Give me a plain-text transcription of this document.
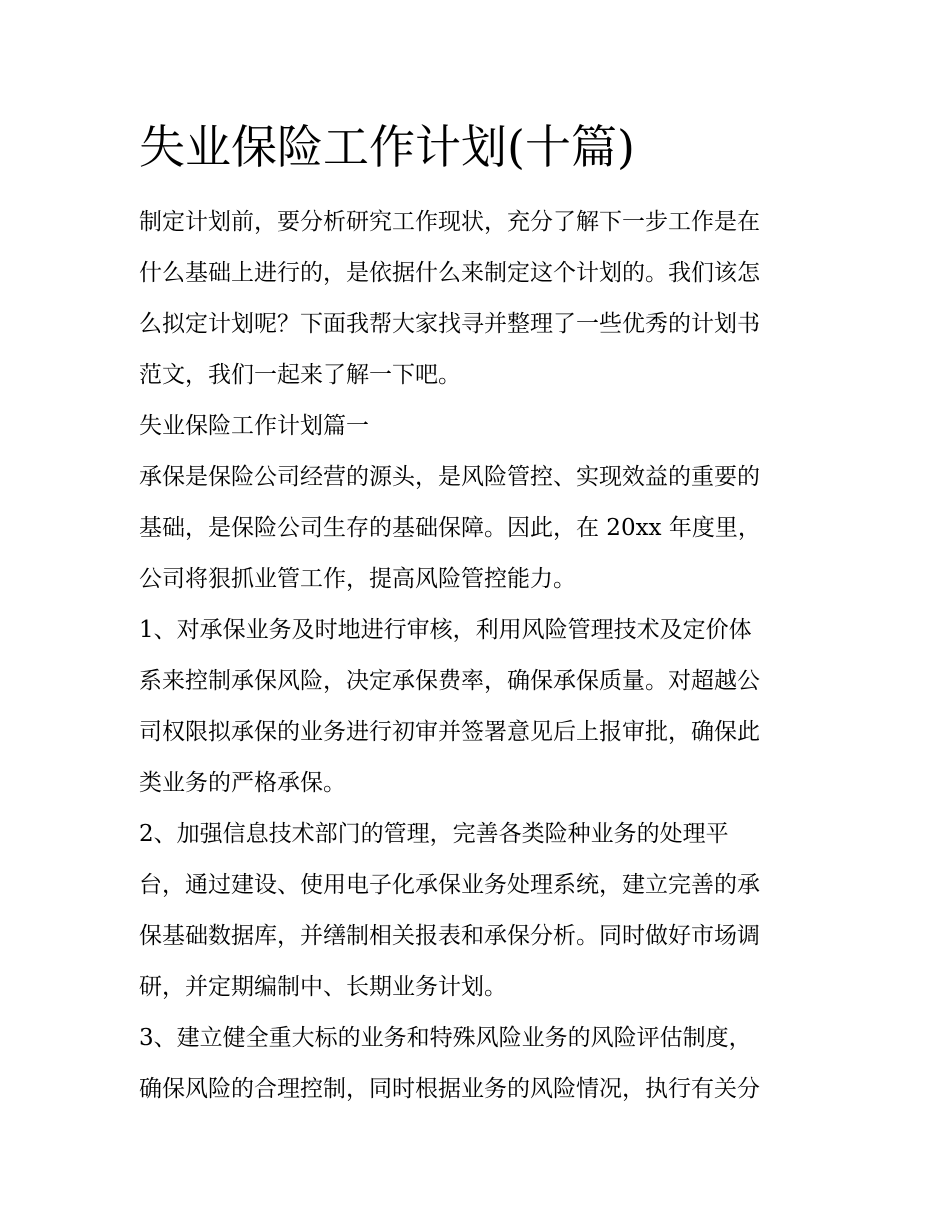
失业保险工作计划(十篇)

制定计划前，要分析研究工作现状，充分了解下一步工作是在

什么基础上进行的，是依据什么来制定这个计划的。我们该怎

么拟定计划呢？下面我帮大家找寻并整理了一些优秀的计划书

范文，我们一起来了解一下吧。

失业保险工作计划篇一

承保是保险公司经营的源头，是风险管控、实现效益的重要的

基础，是保险公司生存的基础保障。因此，在 20xx 年度里，

公司将狠抓业管工作，提高风险管控能力。

1、对承保业务及时地进行审核，利用风险管理技术及定价体

系来控制承保风险，决定承保费率，确保承保质量。对超越公

司权限拟承保的业务进行初审并签署意见后上报审批，确保此

类业务的严格承保。

2、加强信息技术部门的管理，完善各类险种业务的处理平

台，通过建设、使用电子化承保业务处理系统，建立完善的承

保基础数据库，并缮制相关报表和承保分析。同时做好市场调

研，并定期编制中、长期业务计划。

3、建立健全重大标的业务和特殊风险业务的风险评估制度，

确保风险的合理控制，同时根据业务的风险情况，执行有关分
